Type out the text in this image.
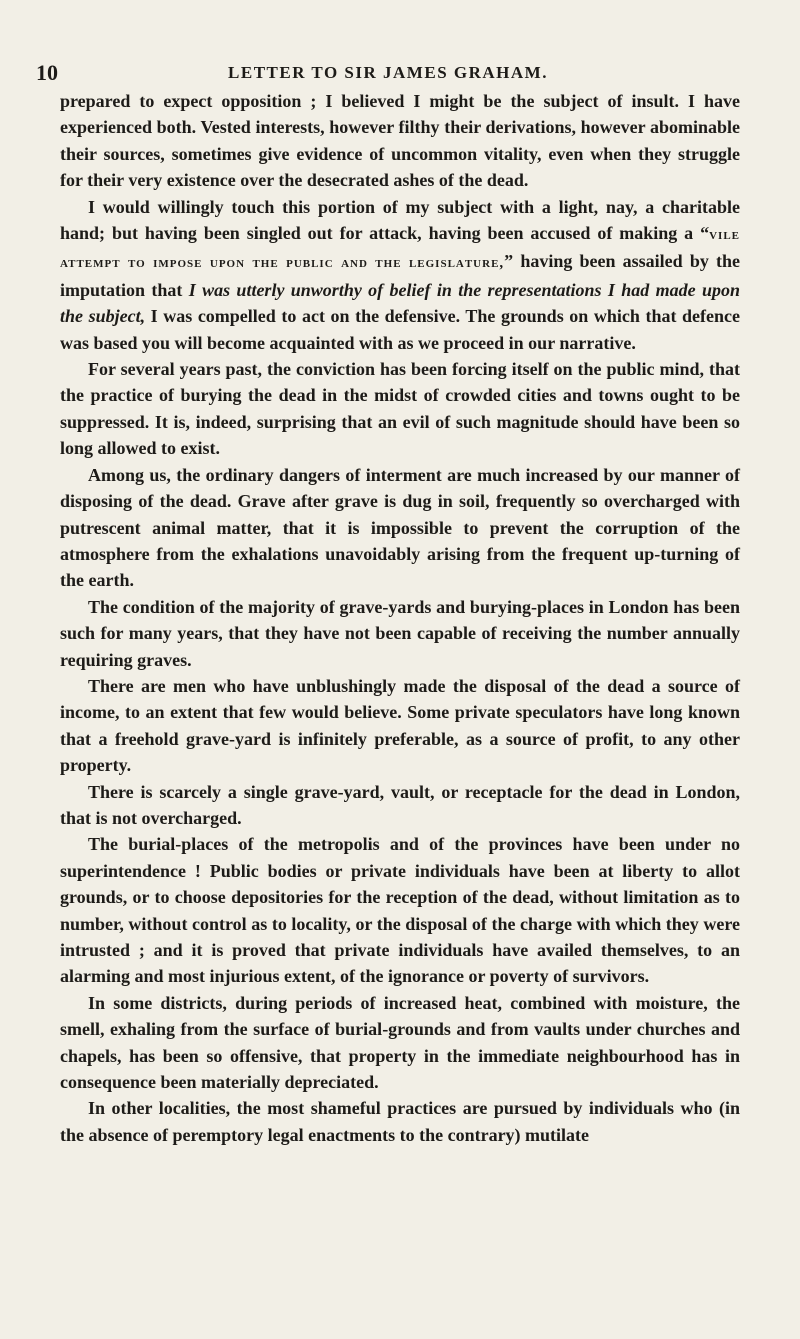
10	LETTER TO SIR JAMES GRAHAM.

prepared to expect opposition ; I believed I might be the subject of insult. I have experienced both. Vested interests, however filthy their derivations, however abominable their sources, sometimes give evidence of uncommon vitality, even when they struggle for their very existence over the desecrated ashes of the dead.

I would willingly touch this portion of my subject with a light, nay, a charitable hand; but having been singled out for attack, having been accused of making a “vile attempt to impose upon the public and the legislature,” having been assailed by the imputation that I was utterly unworthy of belief in the representations I had made upon the subject, I was compelled to act on the defensive. The grounds on which that defence was based you will become acquainted with as we proceed in our narrative.

For several years past, the conviction has been forcing itself on the public mind, that the practice of burying the dead in the midst of crowded cities and towns ought to be suppressed. It is, indeed, surprising that an evil of such magnitude should have been so long allowed to exist.

Among us, the ordinary dangers of interment are much increased by our manner of disposing of the dead. Grave after grave is dug in soil, frequently so overcharged with putrescent animal matter, that it is impossible to prevent the corruption of the atmosphere from the exhalations unavoidably arising from the frequent up-turning of the earth.

The condition of the majority of grave-yards and burying-places in London has been such for many years, that they have not been capable of receiving the number annually requiring graves.

There are men who have unblushingly made the disposal of the dead a source of income, to an extent that few would believe. Some private speculators have long known that a freehold grave-yard is infinitely preferable, as a source of profit, to any other property.

There is scarcely a single grave-yard, vault, or receptacle for the dead in London, that is not overcharged.

The burial-places of the metropolis and of the provinces have been under no superintendence ! Public bodies or private individuals have been at liberty to allot grounds, or to choose depositories for the reception of the dead, without limitation as to number, without control as to locality, or the disposal of the charge with which they were intrusted ; and it is proved that private individuals have availed themselves, to an alarming and most injurious extent, of the ignorance or poverty of survivors.

In some districts, during periods of increased heat, combined with moisture, the smell, exhaling from the surface of burial-grounds and from vaults under churches and chapels, has been so offensive, that property in the immediate neighbourhood has in consequence been materially depreciated.

In other localities, the most shameful practices are pursued by individuals who (in the absence of peremptory legal enactments to the contrary) mutilate
